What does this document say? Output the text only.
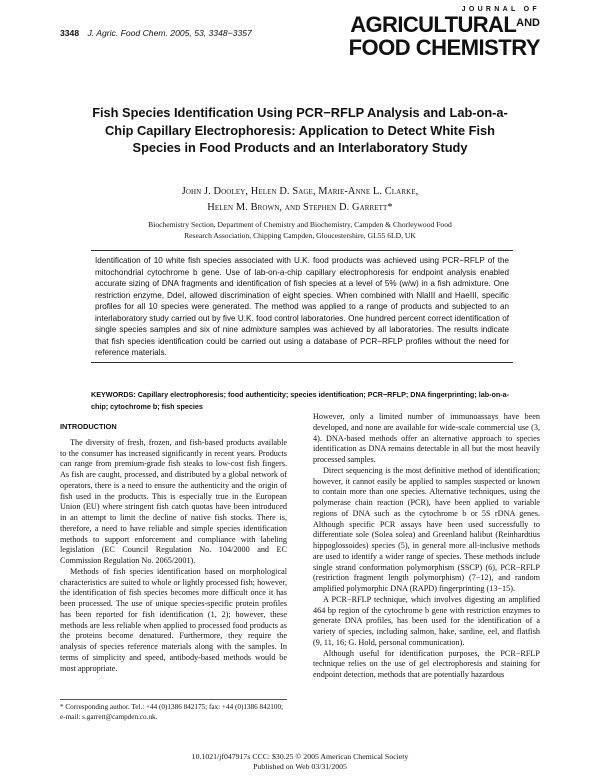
3348 J. Agric. Food Chem. 2005, 53, 3348−3357
JOURNAL OF
$AGRICULTURAL^{AND}$
FOOD CHEMISTRY
Fish Species Identification Using PCR−RFLP Analysis and Lab-on-a-Chip Capillary Electrophoresis: Application to Detect White Fish Species in Food Products and an Interlaboratory Study
John J. Dooley, Helen D. Sage, Marie-Anne L. Clarke,
Helen M. Brown, and Stephen D. Garrett*
Biochemistry Section, Department of Chemistry and Biochemistry, Campden & Chorleywood Food Research Association, Chipping Campden, Gloucestershire, GL55 6LD, UK
Identification of 10 white fish species associated with U.K. food products was achieved using PCR−RFLP of the mitochondrial cytochrome b gene. Use of lab-on-a-chip capillary electrophoresis for endpoint analysis enabled accurate sizing of DNA fragments and identification of fish species at a level of 5% (w/w) in a fish admixture. One restriction enzyme, DdeI, allowed discrimination of eight species. When combined with NlaIII and HaeIII, specific profiles for all 10 species were generated. The method was applied to a range of products and subjected to an interlaboratory study carried out by five U.K. food control laboratories. One hundred percent correct identification of single species samples and six of nine admixture samples was achieved by all laboratories. The results indicate that fish species identification could be carried out using a database of PCR−RFLP profiles without the need for reference materials.
KEYWORDS: Capillary electrophoresis; food authenticity; species identification; PCR−RFLP; DNA fingerprinting; lab-on-a-chip; cytochrome b; fish species
INTRODUCTION

The diversity of fresh, frozen, and fish-based products available to the consumer has increased significantly in recent years. Products can range from premium-grade fish steaks to low-cost fish fingers. As fish are caught, processed, and distributed by a global network of operators, there is a need to ensure the authenticity and the origin of fish used in the products. This is especially true in the European Union (EU) where stringent fish catch quotas have been introduced in an attempt to limit the decline of native fish stocks. There is, therefore, a need to have reliable and simple species identification methods to support enforcement and compliance with labeling legislation (EC Council Regulation No. 104/2000 and EC Commission Regulation No. 2065/2001).

Methods of fish species identification based on morphological characteristics are suited to whole or lightly processed fish; however, the identification of fish species becomes more difficult once it has been processed. The use of unique species-specific protein profiles has been reported for fish identification (1, 2); however, these methods are less reliable when applied to processed food products as the proteins become denatured. Furthermore, they require the analysis of species reference materials along with the samples. In terms of simplicity and speed, antibody-based methods would be most appropriate.

However, only a limited number of immunoassays have been developed, and none are available for wide-scale commercial use (3, 4). DNA-based methods offer an alternative approach to species identification as DNA remains detectable in all but the most heavily processed samples.

Direct sequencing is the most definitive method of identification; however, it cannot easily be applied to samples suspected or known to contain more than one species. Alternative techniques, using the polymerase chain reaction (PCR), have been applied to variable regions of DNA such as the cytochrome b or 5S rDNA genes. Although specific PCR assays have been used successfully to differentiate sole (Solea solea) and Greenland halibut (Reinhardtius hippoglossoides) species (5), in general more all-inclusive methods are used to identify a wider range of species. These methods include single strand conformation polymorphism (SSCP) (6), PCR−RFLP (restriction fragment length polymorphism) (7−12), and random amplified polymorphic DNA (RAPD) fingerprinting (13−15).

A PCR−RFLP technique, which involves digesting an amplified 464 bp region of the cytochrome b gene with restriction enzymes to generate DNA profiles, has been used for the identification of a variety of species, including salmon, hake, sardine, eel, and flatfish (9, 11, 16; G. Hold, personal communication).

Although useful for identification purposes, the PCR−RFLP technique relies on the use of gel electrophoresis and staining for endpoint detection, methods that are potentially hazardous

* Corresponding author. Tel.: +44 (0)1386 842175; fax: +44 (0)1386 842100; e-mail: s.garrett@campden.co.uk.
10.1021/jf047917s CCC: $30.25 © 2005 American Chemical Society
Published on Web 03/31/2005
